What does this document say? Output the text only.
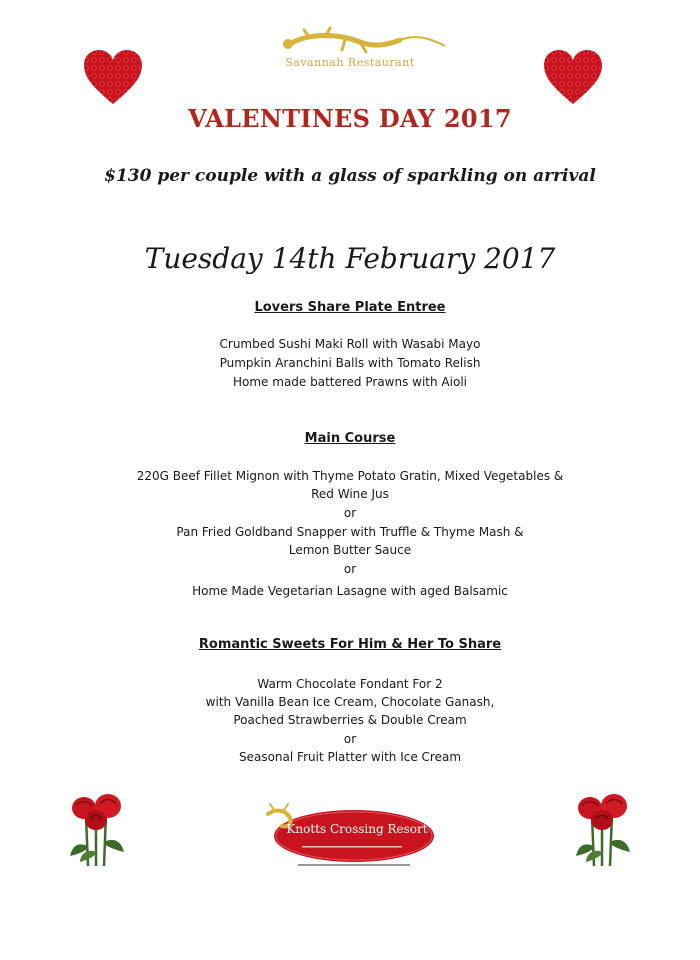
Savannah Restaurant
VALENTINES DAY 2017
$130 per couple with a glass of sparkling on arrival
Tuesday 14th February 2017
Lovers Share Plate Entree
Crumbed Sushi Maki Roll with Wasabi Mayo
Pumpkin Aranchini Balls with Tomato Relish
Home made battered Prawns with Aioli
Main Course
220G Beef Fillet Mignon with Thyme Potato Gratin, Mixed Vegetables &
Red Wine Jus
or
Pan Fried Goldband Snapper with Truffle & Thyme Mash &
Lemon Butter Sauce
or
Home Made Vegetarian Lasagne with aged Balsamic
Romantic Sweets For Him & Her To Share
Warm Chocolate Fondant For 2
with Vanilla Bean Ice Cream, Chocolate Ganash,
Poached Strawberries & Double Cream
or
Seasonal Fruit Platter with Ice Cream
Knotts Crossing Resort
